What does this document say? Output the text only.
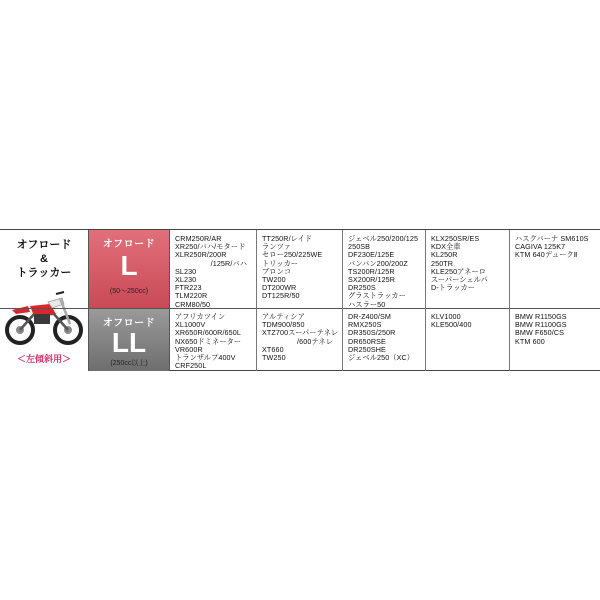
オフロード
&
トラッカー
＜左傾斜用＞
オフロード
L
(50〜250cc)
オフロード
LL
(250cc以上)
CRM250R/AR
XR250/バハ/モタード
XLR250R/200R
/125R/バハ
SL230
XL230
FTR223
TLM220R
CRM80/50
TT250R/レイド
ランツァ
セロー250/225WE
トリッカー
ブロンコ
TW200
DT200WR
DT125R/50
ジェベル250/200/125
250SB
DF230E/125E
バンバン200/200Z
TS200R/125R
SX200R/125R
DR250S
グラストラッカー
ハスラー50
KLX250SR/ES
KDX全車
KL250R
250TR
KLE250アネーロ
スーパーシェルパ
D-トラッカー
ハスクバーナ SM610S
CAGIVA 125K7
KTM 640デュークⅡ
アフリカツイン
XL1000V
XR650R/600R/650L
NX650ドミネーター
VR600R
トランザルプ400V
CRF250L
アルティシア
TDM900/850
XTZ700スーパーテネレ
/600テネレ
XT660
TW250
DR-Z400/SM
RMX250S
DR350S/250R
DR650RSE
DR250SHE
ジェベル250（XC）
KLV1000
KLE500/400
BMW R1150GS
BMW R1100GS
BMW F650/CS
KTM 600
